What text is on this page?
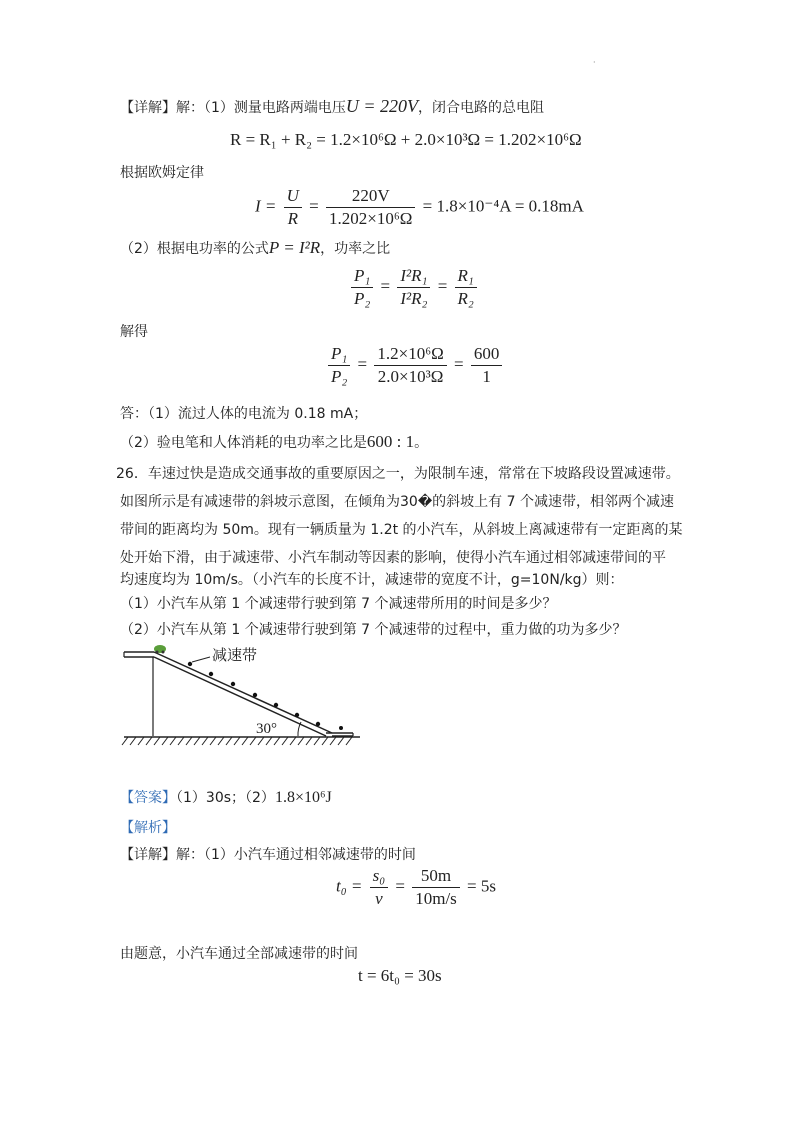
·
【详解】解：（1）测量电路两端电压U = 220V，闭合电路的总电阻
R = R₁ + R₂ = 1.2×10⁶Ω + 2.0×10³Ω = 1.202×10⁶Ω
根据欧姆定律
$I = \frac{U}{R} = \frac{220V}{\text{1.202×10⁶Ω}} = 1.8\times 10^{-4}A = 0.18mA$
（2）根据电功率的公式P = I²R，功率之比
$\frac{\text{P₁}}{\text{P₂}} = \frac{\text{I²R₁}}{\text{I²R₂}} = \frac{\text{R₁}}{\text{R₂}}$
解得
$\frac{\text{P₁}}{\text{P₂}} = \frac{\text{1.2×10⁶Ω}}{\text{2.0×10³Ω}} = \frac{600}{1}$
答：（1）流过人体的电流为 0.18 mA；
（2）验电笔和人体消耗的电功率之比是600 : 1。
26．车速过快是造成交通事故的重要原因之一，为限制车速，常常在下坡路段设置减速带。
如图所示是有减速带的斜坡示意图，在倾角为30�的斜坡上有 7 个减速带，相邻两个减速
带间的距离均为 50m。现有一辆质量为 1.2t 的小汽车，从斜坡上离减速带有一定距离的某
处开始下滑，由于减速带、小汽车制动等因素的影响，使得小汽车通过相邻减速带间的平
均速度均为 10m/s。（小汽车的长度不计，减速带的宽度不计，g=10N/kg）则：
（1）小汽车从第 1 个减速带行驶到第 7 个减速带所用的时间是多少？
（2）小汽车从第 1 个减速带行驶到第 7 个减速带的过程中，重力做的功为多少？
减速带
30°
【答案】（1）30s；（2）1.8×10⁶J
【解析】
【详解】解：（1）小汽车通过相邻减速带的时间
$t_0 = \frac{\text{s₀}}{v} = \frac{50m}{10m/s} = 5s$
由题意，小汽车通过全部减速带的时间
t = 6t₀ = 30s
